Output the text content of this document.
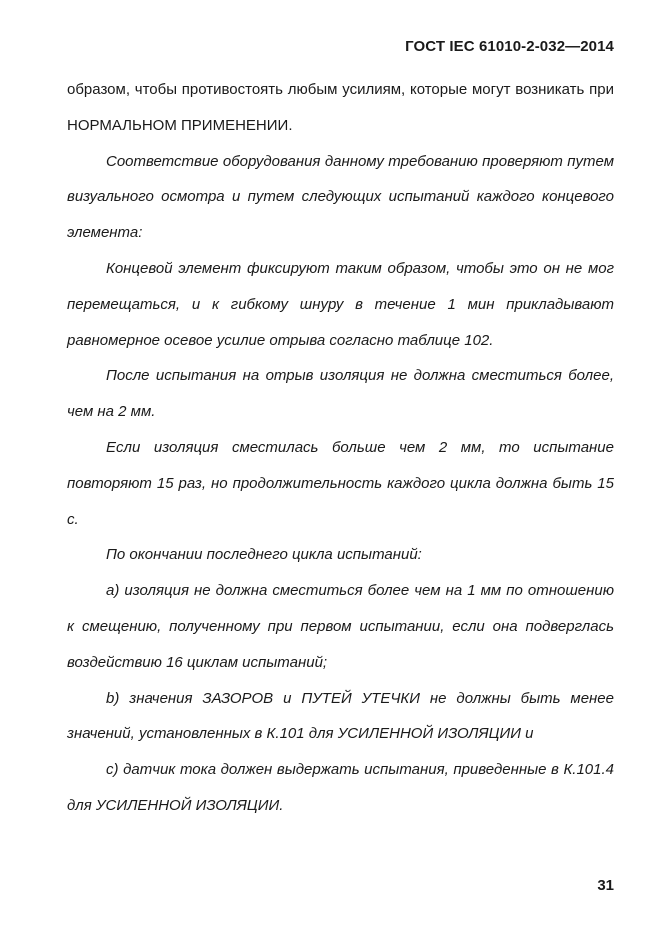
ГОСТ IEC 61010-2-032—2014

образом, чтобы противостоять любым усилиям, которые могут возникать при НОРМАЛЬНОМ ПРИМЕНЕНИИ.

Соответствие оборудования данному требованию проверяют путем визуального осмотра и путем следующих испытаний каждого концевого элемента:

Концевой элемент фиксируют таким образом, чтобы это он не мог перемещаться, и к гибкому шнуру в течение 1 мин прикладывают равномерное осевое усилие отрыва согласно таблице 102.

После испытания на отрыв изоляция не должна сместиться более, чем на 2 мм.

Если изоляция сместилась больше чем 2 мм, то испытание повторяют 15 раз, но продолжительность каждого цикла должна быть 15 с.

По окончании последнего цикла испытаний:

a) изоляция не должна сместиться более чем на 1 мм по отношению к смещению, полученному при первом испытании, если она подверглась воздействию 16 циклам испытаний;

b) значения ЗАЗОРОВ и ПУТЕЙ УТЕЧКИ не должны быть менее значений, установленных в К.101 для УСИЛЕННОЙ ИЗОЛЯЦИИ и

c) датчик тока должен выдержать испытания, приведенные в К.101.4 для УСИЛЕННОЙ ИЗОЛЯЦИИ.

31
